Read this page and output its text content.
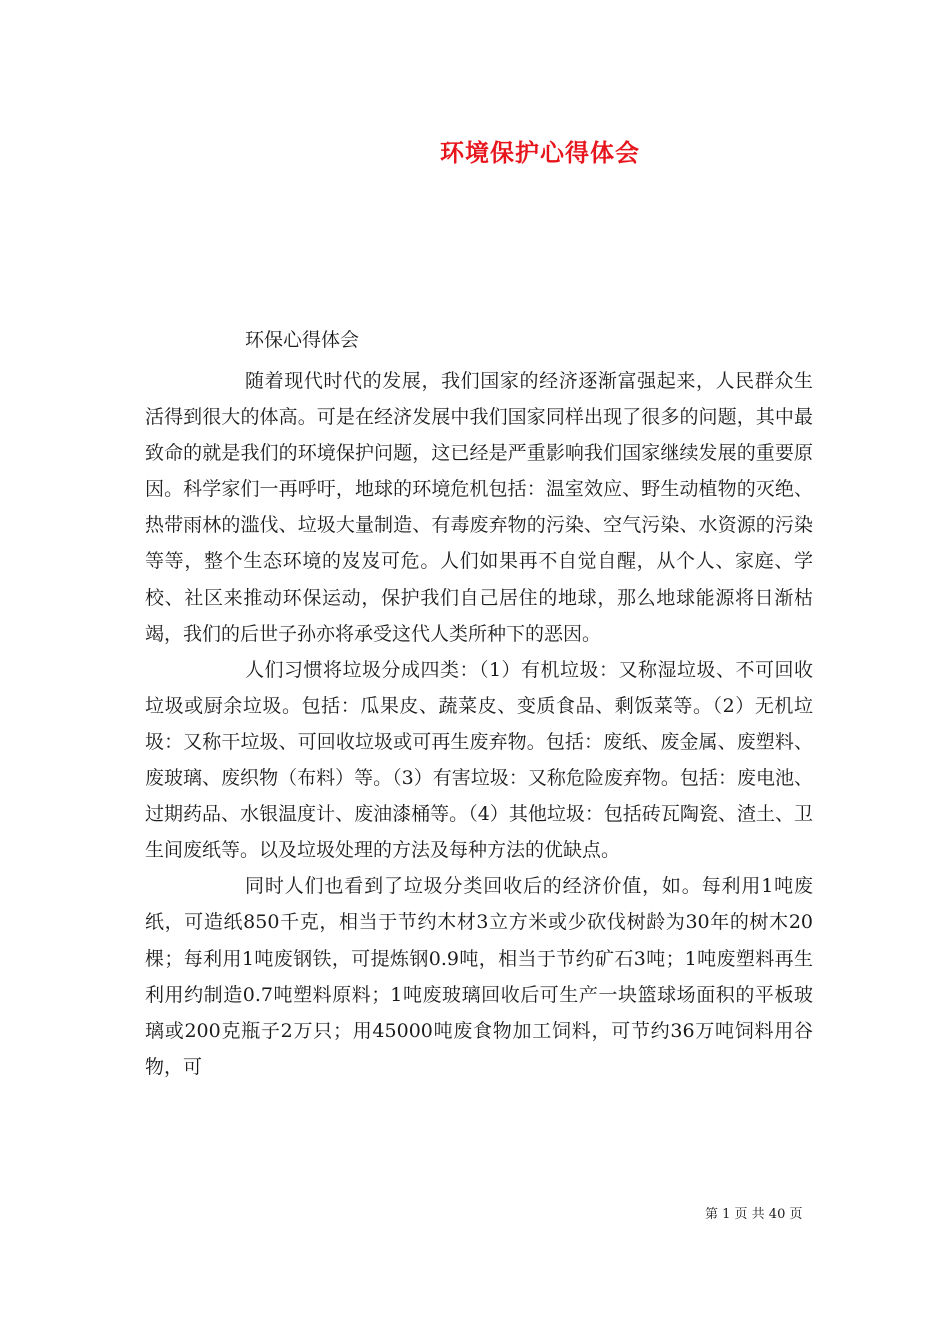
环境保护心得体会
环保心得体会

随着现代时代的发展，我们国家的经济逐渐富强起来，人民群众生活得到很大的体高。可是在经济发展中我们国家同样出现了很多的问题，其中最致命的就是我们的环境保护问题，这已经是严重影响我们国家继续发展的重要原因。科学家们一再呼吁，地球的环境危机包括：温室效应、野生动植物的灭绝、热带雨林的滥伐、垃圾大量制造、有毒废弃物的污染、空气污染、水资源的污染等等，整个生态环境的岌岌可危。人们如果再不自觉自醒，从个人、家庭、学校、社区来推动环保运动，保护我们自己居住的地球，那么地球能源将日渐枯竭，我们的后世子孙亦将承受这代人类所种下的恶因。

人们习惯将垃圾分成四类：（1）有机垃圾：又称湿垃圾、不可回收垃圾或厨余垃圾。包括：瓜果皮、蔬菜皮、变质食品、剩饭菜等。（2）无机垃圾：又称干垃圾、可回收垃圾或可再生废弃物。包括：废纸、废金属、废塑料、废玻璃、废织物（布料）等。（3）有害垃圾：又称危险废弃物。包括：废电池、过期药品、水银温度计、废油漆桶等。（4）其他垃圾：包括砖瓦陶瓷、渣土、卫生间废纸等。以及垃圾处理的方法及每种方法的优缺点。

同时人们也看到了垃圾分类回收后的经济价值，如。每利用1吨废纸，可造纸850千克，相当于节约木材3立方米或少砍伐树龄为30年的树木20棵；每利用1吨废钢铁，可提炼钢0.9吨，相当于节约矿石3吨；1吨废塑料再生利用约制造0.7吨塑料原料；1吨废玻璃回收后可生产一块篮球场面积的平板玻璃或200克瓶子2万只；用45000吨废食物加工饲料，可节约36万吨饲料用谷物，可

第 1 页 共 40 页
